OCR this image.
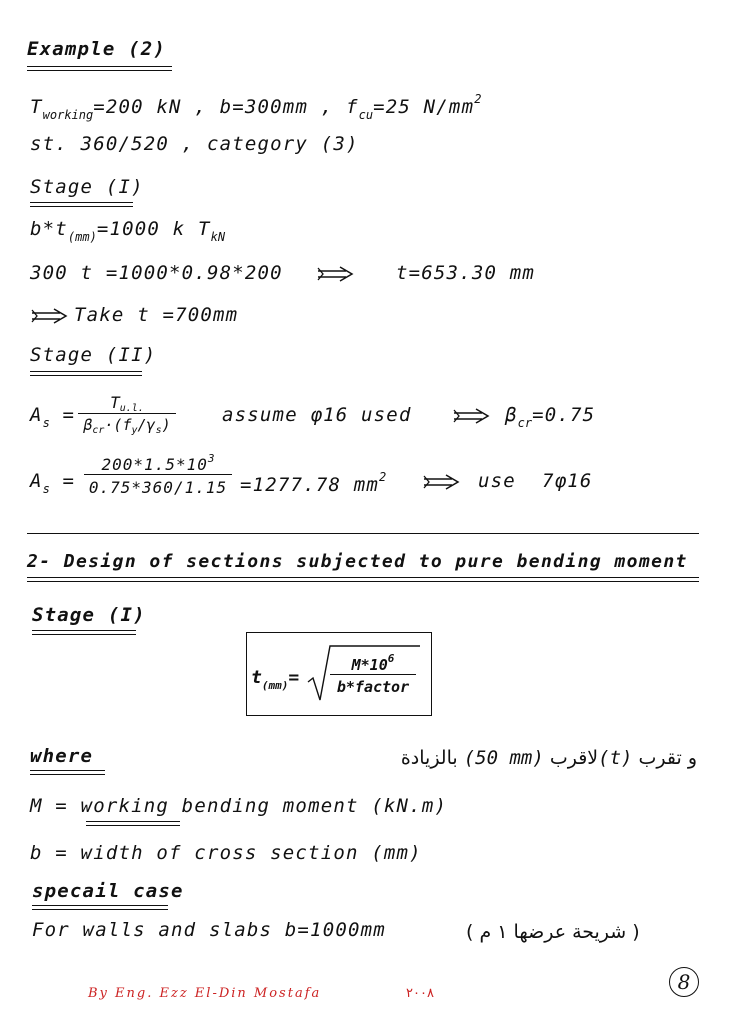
Example (2)
$T_{working}=200$ kN , b=300mm , $f_{cu}=25$ $N/mm^2$
st. 360/520 , category (3)
Stage (I)
$b*t_{(mm)}=1000$ k $T_{kN}$
300 t =1000*0.98*200	t=653.30 mm
Take t =700mm
Stage (II)
$A_s$ =
$T_{u.l.}$
$\beta_{cr}\cdot(f_y/\gamma_s)$	assume φ16 used	$\beta_{cr}=0.75$
$A_s = \frac{200*1.5*10^3}{0.75*360/1.15} =1277.78$ $mm^2$	use 7φ16
2- Design of sections subjected to pure bending moment
Stage (I)
$t_{(mm)}=$
$M*10^6$
b*factor
where	و تقرب (t)لاقرب (50 mm) بالزيادة
M = working bending moment (kN.m)
b = width of cross section (mm)
specail case
For walls and slabs b=1000mm	( شريحة عرضها ١ م )
By Eng. Ezz El-Din Mostafa	٢٠٠٨	8
